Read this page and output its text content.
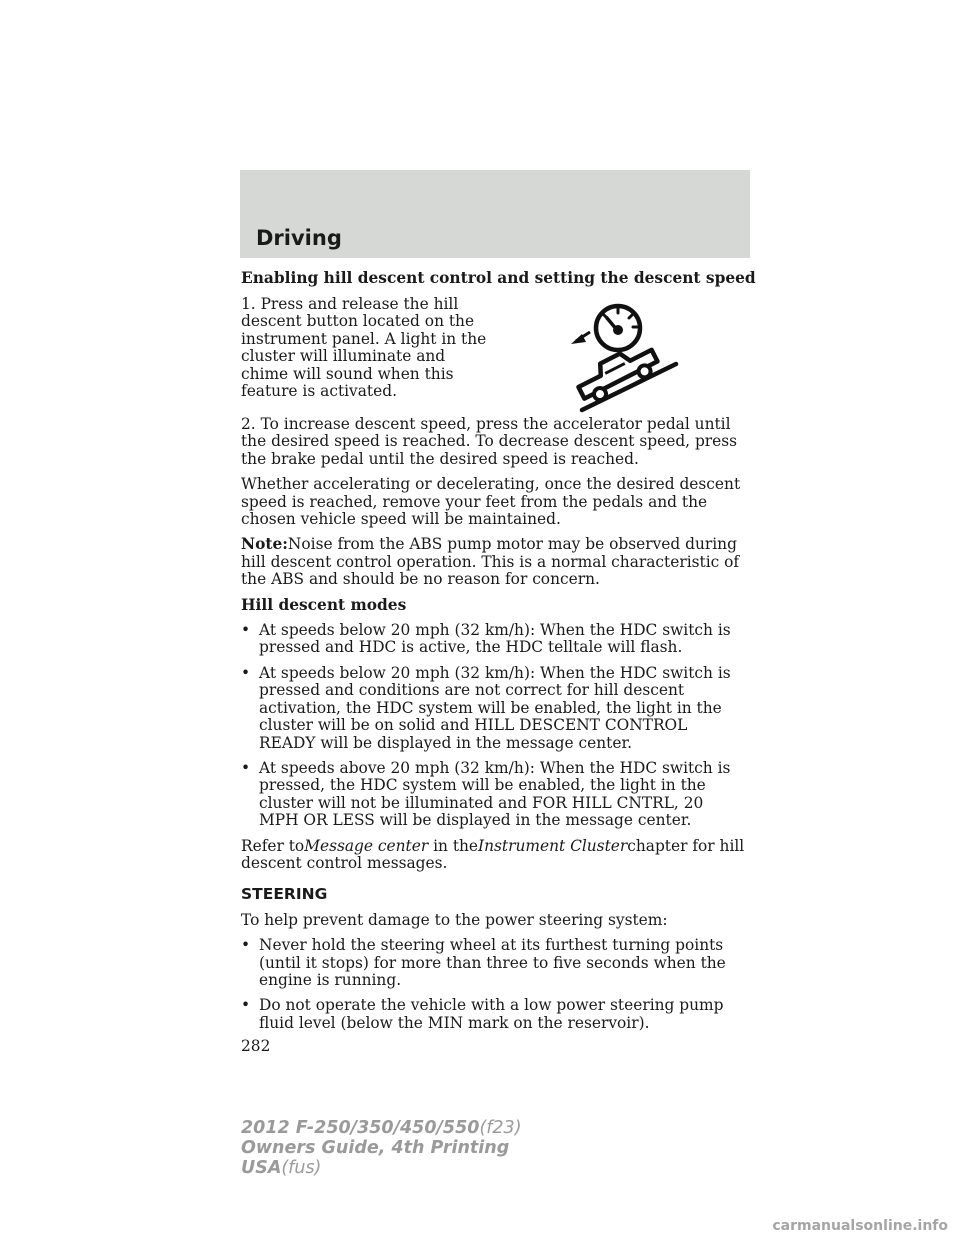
Driving

Enabling hill descent control and setting the descent speed

1. Press and release the hill descent button located on the instrument panel. A light in the cluster will illuminate and chime will sound when this feature is activated.

2. To increase descent speed, press the accelerator pedal until the desired speed is reached. To decrease descent speed, press the brake pedal until the desired speed is reached.

Whether accelerating or decelerating, once the desired descent speed is reached, remove your feet from the pedals and the chosen vehicle speed will be maintained.

Note:Noise from the ABS pump motor may be observed during hill descent control operation. This is a normal characteristic of the ABS and should be no reason for concern.

Hill descent modes

• At speeds below 20 mph (32 km/h): When the HDC switch is pressed and HDC is active, the HDC telltale will flash.
• At speeds below 20 mph (32 km/h): When the HDC switch is pressed and conditions are not correct for hill descent activation, the HDC system will be enabled, the light in the cluster will be on solid and HILL DESCENT CONTROL READY will be displayed in the message center.
• At speeds above 20 mph (32 km/h): When the HDC switch is pressed, the HDC system will be enabled, the light in the cluster will not be illuminated and FOR HILL CNTRL, 20 MPH OR LESS will be displayed in the message center.

Refer toMessage center in theInstrument Clusterchapter for hill descent control messages.

STEERING

To help prevent damage to the power steering system:

• Never hold the steering wheel at its furthest turning points (until it stops) for more than three to five seconds when the engine is running.
• Do not operate the vehicle with a low power steering pump fluid level (below the MIN mark on the reservoir).
282
2012 F-250/350/450/550(f23)
Owners Guide, 4th Printing
USA(fus)
carmanualsonline.info
